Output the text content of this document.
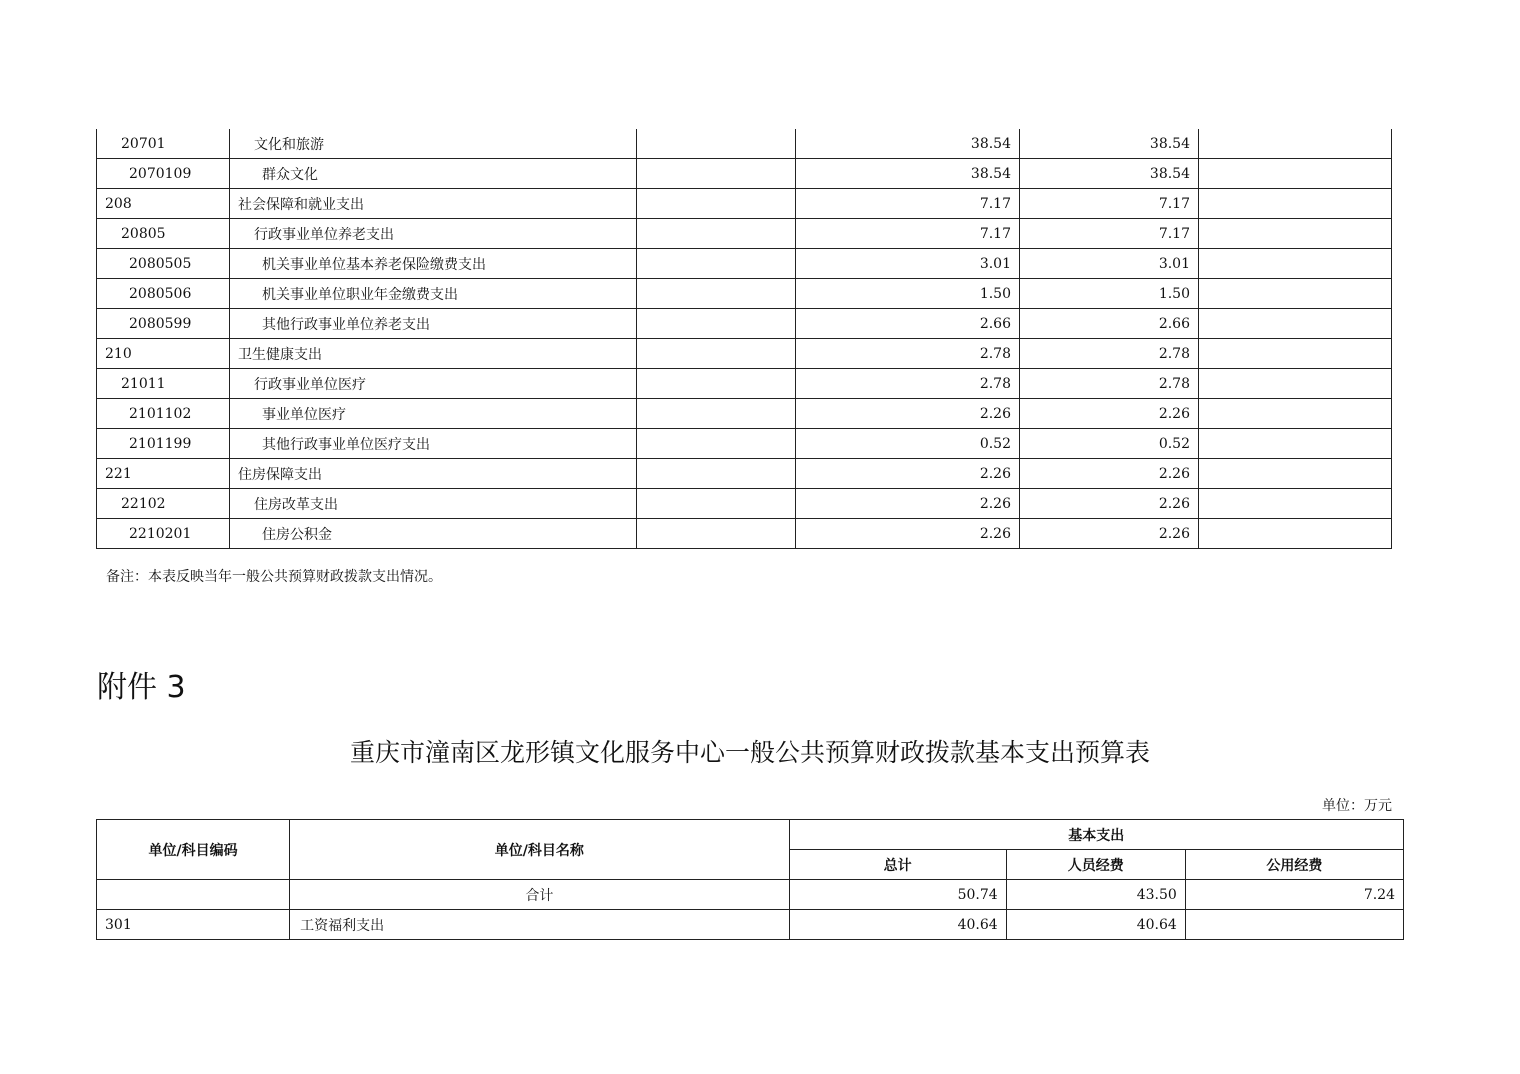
20701	文化和旅游		38.54	38.54	
2070109	群众文化		38.54	38.54	
208	社会保障和就业支出		7.17	7.17	
20805	行政事业单位养老支出		7.17	7.17	
2080505	机关事业单位基本养老保险缴费支出		3.01	3.01	
2080506	机关事业单位职业年金缴费支出		1.50	1.50	
2080599	其他行政事业单位养老支出		2.66	2.66	
210	卫生健康支出		2.78	2.78	
21011	行政事业单位医疗		2.78	2.78	
2101102	事业单位医疗		2.26	2.26	
2101199	其他行政事业单位医疗支出		0.52	0.52	
221	住房保障支出		2.26	2.26	
22102	住房改革支出		2.26	2.26	
2210201	住房公积金		2.26	2.26	
备注：本表反映当年一般公共预算财政拨款支出情况。
附件 3
重庆市潼南区龙形镇文化服务中心一般公共预算财政拨款基本支出预算表
单位：万元
单位/科目编码	单位/科目名称	基本支出		
		总计	人员经费	公用经费
	合计	50.74	43.50	7.24
301	工资福利支出	40.64	40.64	
